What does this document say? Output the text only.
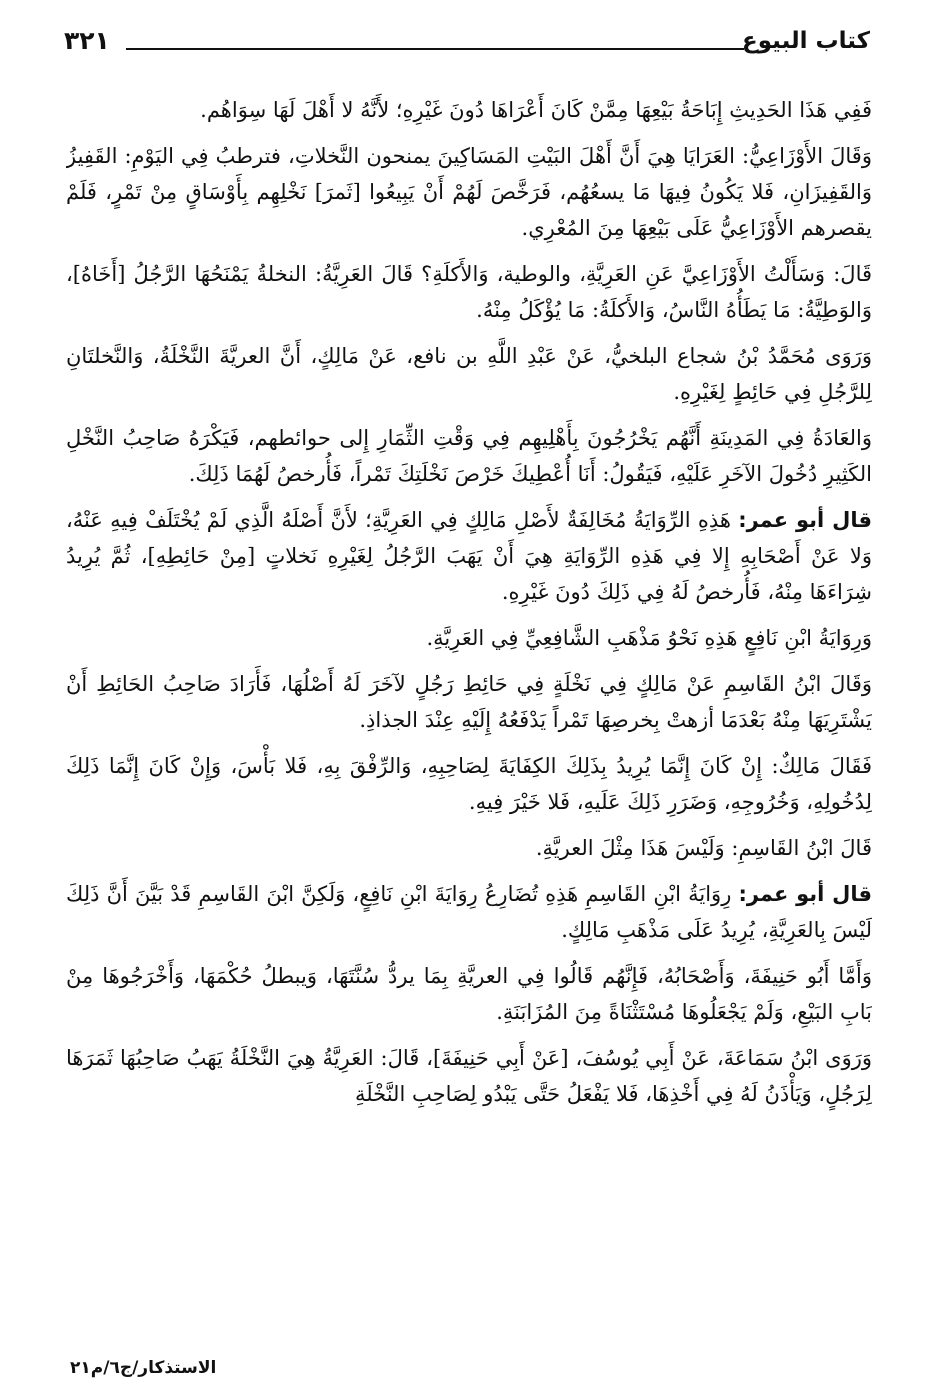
كتاب البيوع
٣٢١

فَفِي هَذَا الحَدِيثِ إِبَاحَةُ بَيْعِهَا مِمَّنْ كَانَ أَعْرَاهَا دُونَ غَيْرِهِ؛ لأَنَّهُ لا أَهْلَ لَهَا سِوَاهُم.

وَقَالَ الأَوْزَاعِيُّ: العَرَايَا هِيَ أَنَّ أَهْلَ البَيْتِ المَسَاكِينَ يمنحون النَّخلاتِ، فترطبُ فِي اليَوْمِ: القَفِيزُ وَالقَفِيزَانِ، فَلا يَكُونُ فِيهَا مَا يسعُهُم، فَرَخَّصَ لَهُمْ أَنْ يَبِيعُوا [ثَمرَ] نَخْلِهِم بِأَوْسَاقٍ مِنْ تَمْرٍ، فَلَمْ يقصرهم الأَوْزَاعِيُّ عَلَى بَيْعِهَا مِنَ المُعْرِي.

قَالَ: وَسَأَلْتُ الأَوْزَاعِيَّ عَنِ العَرِيَّةِ، والوطية، وَالأَكلَةِ؟ قَالَ العَرِيَّةُ: النخلةُ يَمْنَحُهَا الرَّجُلُ [أَخَاهُ]، وَالوَطِيَّةُ: مَا يَطَأُهُ النَّاسُ، وَالأَكلَةُ: مَا يُؤْكَلُ مِنْهُ.

وَرَوَى مُحَمَّدُ بْنُ شجاع البلخيُّ، عَنْ عَبْدِ اللَّهِ بن نافع، عَنْ مَالِكٍ، أَنَّ العريَّةَ النَّخْلَةُ، وَالنَّخلتَانِ لِلرَّجُلِ فِي حَائِطٍ لِغَيْرِهِ.

وَالعَادَةُ فِي المَدِينَةِ أَنَّهُم يَخْرُجُونَ بِأَهْلِيهِم فِي وَقْتِ الثِّمَارِ إِلى حوائطهم، فَيَكْرَهُ صَاحِبُ النَّخْلِ الكَثِيرِ دُخُولَ الآخَرِ عَلَيْهِ، فَيَقُولُ: أَنَا أُعْطِيكَ خَرْصَ نَخْلَتِكَ تَمْراً، فَأُرخصُ لَهُمَا ذَلِكَ.

قال أبو عمر: هَذِهِ الرِّوَايَةُ مُخَالِفَةٌ لأَصْلِ مَالِكٍ فِي العَرِيَّةِ؛ لأَنَّ أَصْلَهُ الَّذِي لَمْ يُخْتَلَفْ فِيهِ عَنْهُ، وَلا عَنْ أَصْحَابِهِ إِلا فِي هَذِهِ الرِّوَايَةِ هِيَ أَنْ يَهَبَ الرَّجُلُ لِغَيْرِهِ نَخلاتٍ [مِنْ حَائِطِهِ]، ثُمَّ يُرِيدُ شِرَاءَهَا مِنْهُ، فَأُرخصُ لَهُ فِي ذَلِكَ دُونَ غَيْرِهِ.

وَرِوَايَةُ ابْنِ نَافِعٍ هَذِهِ نَحْوُ مَذْهَبِ الشَّافِعِيِّ فِي العَرِيَّةِ.

وَقَالَ ابْنُ القَاسِمِ عَنْ مَالِكٍ فِي نَخْلَةٍ فِي حَائِطِ رَجُلٍ لآخَرَ لَهُ أَصْلُهَا، فَأَرَادَ صَاحِبُ الحَائِطِ أَنْ يَشْتَرِيَهَا مِنْهُ بَعْدَمَا أزهتْ بِخرصِهَا تَمْراً يَدْفَعُهُ إِلَيْهِ عِنْدَ الجذاذِ.

فَقَالَ مَالِكٌ: إِنْ كَانَ إِنَّمَا يُرِيدُ بِذَلِكَ الكِفَايَةَ لِصَاحِبِهِ، وَالرِّفْقَ بِهِ، فَلا بَأْسَ، وَإِنْ كَانَ إِنَّمَا ذَلِكَ لِدُخُولِهِ، وَخُرُوجِهِ، وَضَرَرِ ذَلِكَ عَلَيهِ، فَلا خَيْرَ فِيهِ.

قَالَ ابْنُ القَاسِمِ: وَلَيْسَ هَذَا مِثْلَ العريَّةِ.

قال أبو عمر: رِوَايَةُ ابْنِ القَاسِمِ هَذِهِ تُضَارِعُ رِوَايَةَ ابْنِ نَافِعٍ، وَلَكِنَّ ابْنَ القَاسِمِ قَدْ بَيَّنَ أَنَّ ذَلِكَ لَيْسَ بِالعَرِيَّةِ، يُرِيدُ عَلَى مَذْهَبِ مَالِكٍ.

وَأَمَّا أَبُو حَنِيفَةَ، وَأَصْحَابُهُ، فَإِنَّهُم قَالُوا فِي العريَّةِ بِمَا يردُّ سُنَّتَهَا، وَيبطلُ حُكْمَهَا، وَأَخْرَجُوهَا مِنْ بَابِ البَيْعِ، وَلَمْ يَجْعَلُوهَا مُسْتَثْنَاةً مِنَ المُزَابَنَةِ.

وَرَوَى ابْنُ سَمَاعَةَ، عَنْ أَبِي يُوسُفَ، [عَنْ أَبِي حَنِيفَةَ]، قَالَ: العَرِيَّةُ هِيَ النَّخْلَةُ يَهَبُ صَاحِبُهَا ثَمَرَهَا لِرَجُلٍ، وَيَأْذَنُ لَهُ فِي أَخْذِهَا، فَلا يَفْعَلُ حَتَّى يَبْدُو لِصَاحِبِ النَّخْلَةِ

الاستذكار/ج٦/م٢١
